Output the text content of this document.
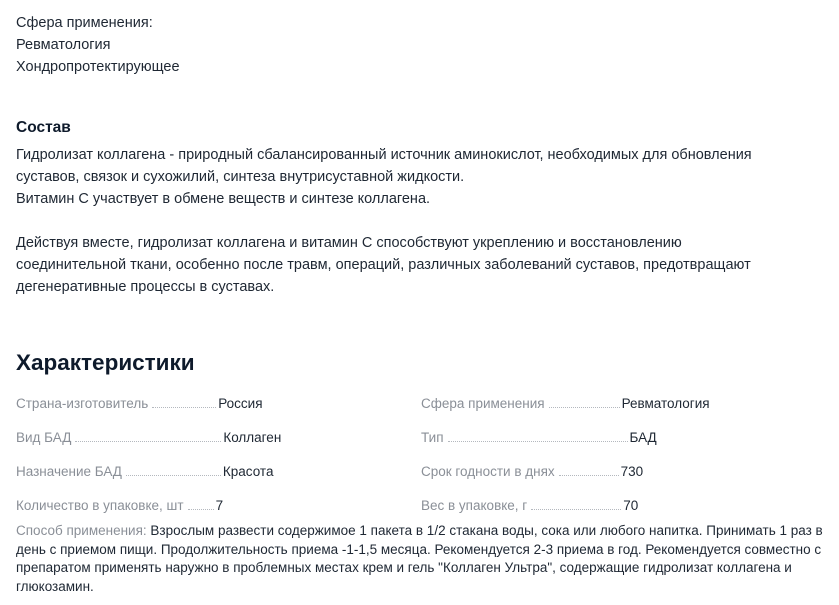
Сфера применения:
Ревматология
Хондропротектирующее
Состав

Гидролизат коллагена - природный сбалансированный источник аминокислот, необходимых для обновления
суставов, связок и сухожилий, синтеза внутрисуставной жидкости.
Витамин С участвует в обмене веществ и синтезе коллагена.

Действуя вместе, гидролизат коллагена и витамин С способствуют укреплению и восстановлению
соединительной ткани, особенно после травм, операций, различных заболеваний суставов, предотвращают
дегенеративные процессы в суставах.

Характеристики
Страна-изготовитель	Россия	Сфера применения	Ревматология
Вид БАД	Коллаген	Тип	БАД
Назначение БАД	Красота	Срок годности в днях	730
Количество в упаковке, шт 7	Вес в упаковке, г	70
Способ применения: Взрослым развести содержимое 1 пакета в 1/2 стакана воды, сока или любого напитка. Принимать 1 раз в день с приемом пищи. Продолжительность приема -1-1,5 месяца. Рекомендуется 2-3 приема в год. Рекомендуется совместно с препаратом применять наружно в проблемных местах крем и гель "Коллаген Ультра", содержащие гидролизат коллагена и глюкозамин.
